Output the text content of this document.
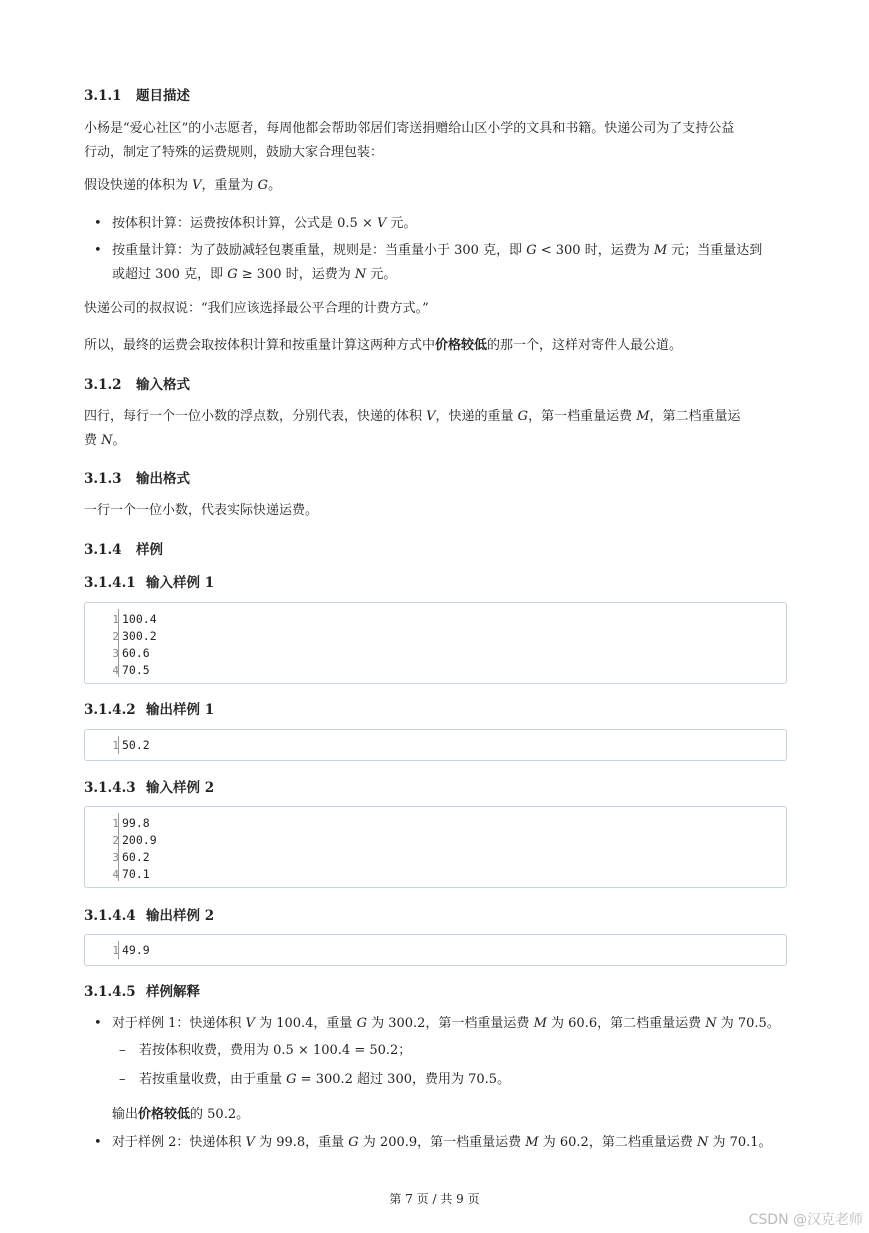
3.1.1 题目描述
小杨是“爱心社区”的小志愿者，每周他都会帮助邻居们寄送捐赠给山区小学的文具和书籍。快递公司为了支持公益
行动，制定了特殊的运费规则，鼓励大家合理包装：
假设快递的体积为 V，重量为 G。
• 按体积计算：运费按体积计算，公式是 0.5 × V 元。
• 按重量计算：为了鼓励减轻包裹重量，规则是：当重量小于 300 克，即 G < 300 时，运费为 M 元；当重量达到
或超过 300 克，即 G ≥ 300 时，运费为 N 元。
快递公司的叔叔说：“我们应该选择最公平合理的计费方式。”
所以，最终的运费会取按体积计算和按重量计算这两种方式中价格较低的那一个，这样对寄件人最公道。
3.1.2 输入格式
四行，每行一个一位小数的浮点数，分别代表，快递的体积 V，快递的重量 G，第一档重量运费 M，第二档重量运
费 N。
3.1.3 输出格式
一行一个一位小数，代表实际快递运费。
3.1.4 样例
3.1.4.1 输入样例 1
1
2
3
4
100.4
300.2
60.6
70.5
3.1.4.2 输出样例 1
1 50.2
3.1.4.3 输入样例 2
1
2
3
4
99.8
200.9
60.2
70.1
3.1.4.4 输出样例 2
1 49.9
3.1.4.5 样例解释
• 对于样例 1：快递体积 V 为 100.4，重量 G 为 300.2，第一档重量运费 M 为 60.6，第二档重量运费 N 为 70.5。
– 若按体积收费，费用为 0.5 × 100.4 = 50.2；
– 若按重量收费，由于重量 G = 300.2 超过 300，费用为 70.5。
输出价格较低的 50.2。
• 对于样例 2：快递体积 V 为 99.8，重量 G 为 200.9，第一档重量运费 M 为 60.2，第二档重量运费 N 为 70.1。
第 7 页 / 共 9 页
CSDN @汉克老师
